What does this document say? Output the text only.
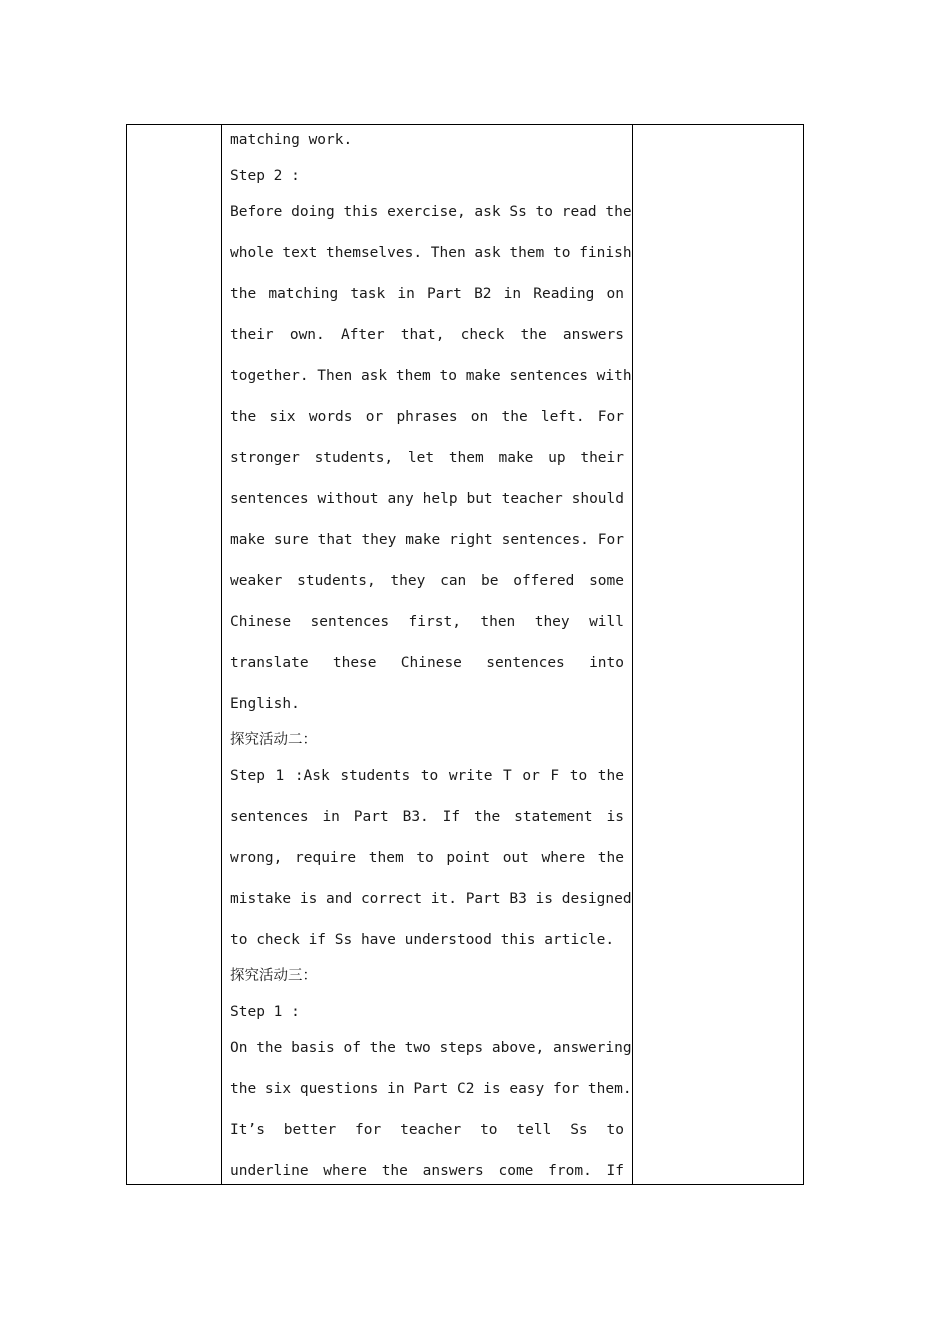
matching work.
Step 2 :
Before doing this exercise, ask Ss to read the
whole text themselves. Then ask them to finish
the matching task in Part B2 in Reading on
their own. After that, check the answers
together. Then ask them to make sentences with
the six words or phrases on the left. For
stronger students, let them make up their
sentences without any help but teacher should
make sure that they make right sentences. For
weaker students, they can be offered some
Chinese sentences first, then they will
translate these Chinese sentences into
English.
探究活动二：
Step 1 :Ask students to write T or F to the
sentences in Part B3. If the statement is
wrong, require them to point out where the
mistake is and correct it. Part B3 is designed
to check if Ss have understood this article.
探究活动三：
Step 1 :
On the basis of the two steps above, answering
the six questions in Part C2 is easy for them.
It’s better for teacher to tell Ss to
underline where the answers come from. If
